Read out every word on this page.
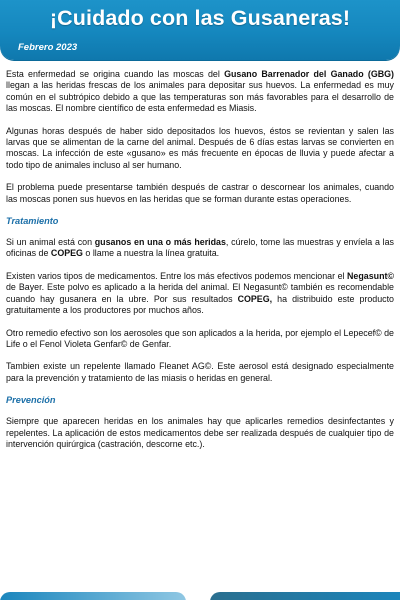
¡Cuidado con las Gusaneras!
Febrero 2023

Esta enfermedad se origina cuando las moscas del Gusano Barrenador del Ganado (GBG) llegan a las heridas frescas de los animales para depositar sus huevos. La enfermedad es muy común en el subtrópico debido a que las temperaturas son más favorables para el desarrollo de las moscas. El nombre científico de esta enfermedad es Miasis.

Algunas horas después de haber sido depositados los huevos, éstos se revientan y salen las larvas que se alimentan de la carne del animal. Después de 6 días estas larvas se convierten en moscas. La infección de este «gusano» es más frecuente en épocas de lluvia y puede afectar a todo tipo de animales incluso al ser humano.

El problema puede presentarse también después de castrar o descornear los animales, cuando las moscas ponen sus huevos en las heridas que se forman durante estas operaciones.

Tratamiento

Si un animal está con gusanos en una o más heridas, cúrelo, tome las muestras y envíela a las oficinas de COPEG o llame a nuestra la línea gratuita.

Existen varios tipos de medicamentos. Entre los más efectivos podemos mencionar el Negasunt© de Bayer. Este polvo es aplicado a la herida del animal. El Negasunt© también es recomendable cuando hay gusanera en la ubre. Por sus resultados COPEG, ha distribuido este producto gratuitamente a los productores por muchos años.

Otro remedio efectivo son los aerosoles que son aplicados a la herida, por ejemplo el Lepecef© de Life o el Fenol Violeta Genfar© de Genfar.

Tambien existe un repelente llamado Fleanet AG©. Este aerosol está designado especialmente para la prevención y tratamiento de las miasis o heridas en general.

Prevención

Siempre que aparecen heridas en los animales hay que aplicarles remedios desinfectantes y repelentes. La aplicación de estos medicamentos debe ser realizada después de cualquier tipo de intervención quirúrgica (castración, descorne etc.).
